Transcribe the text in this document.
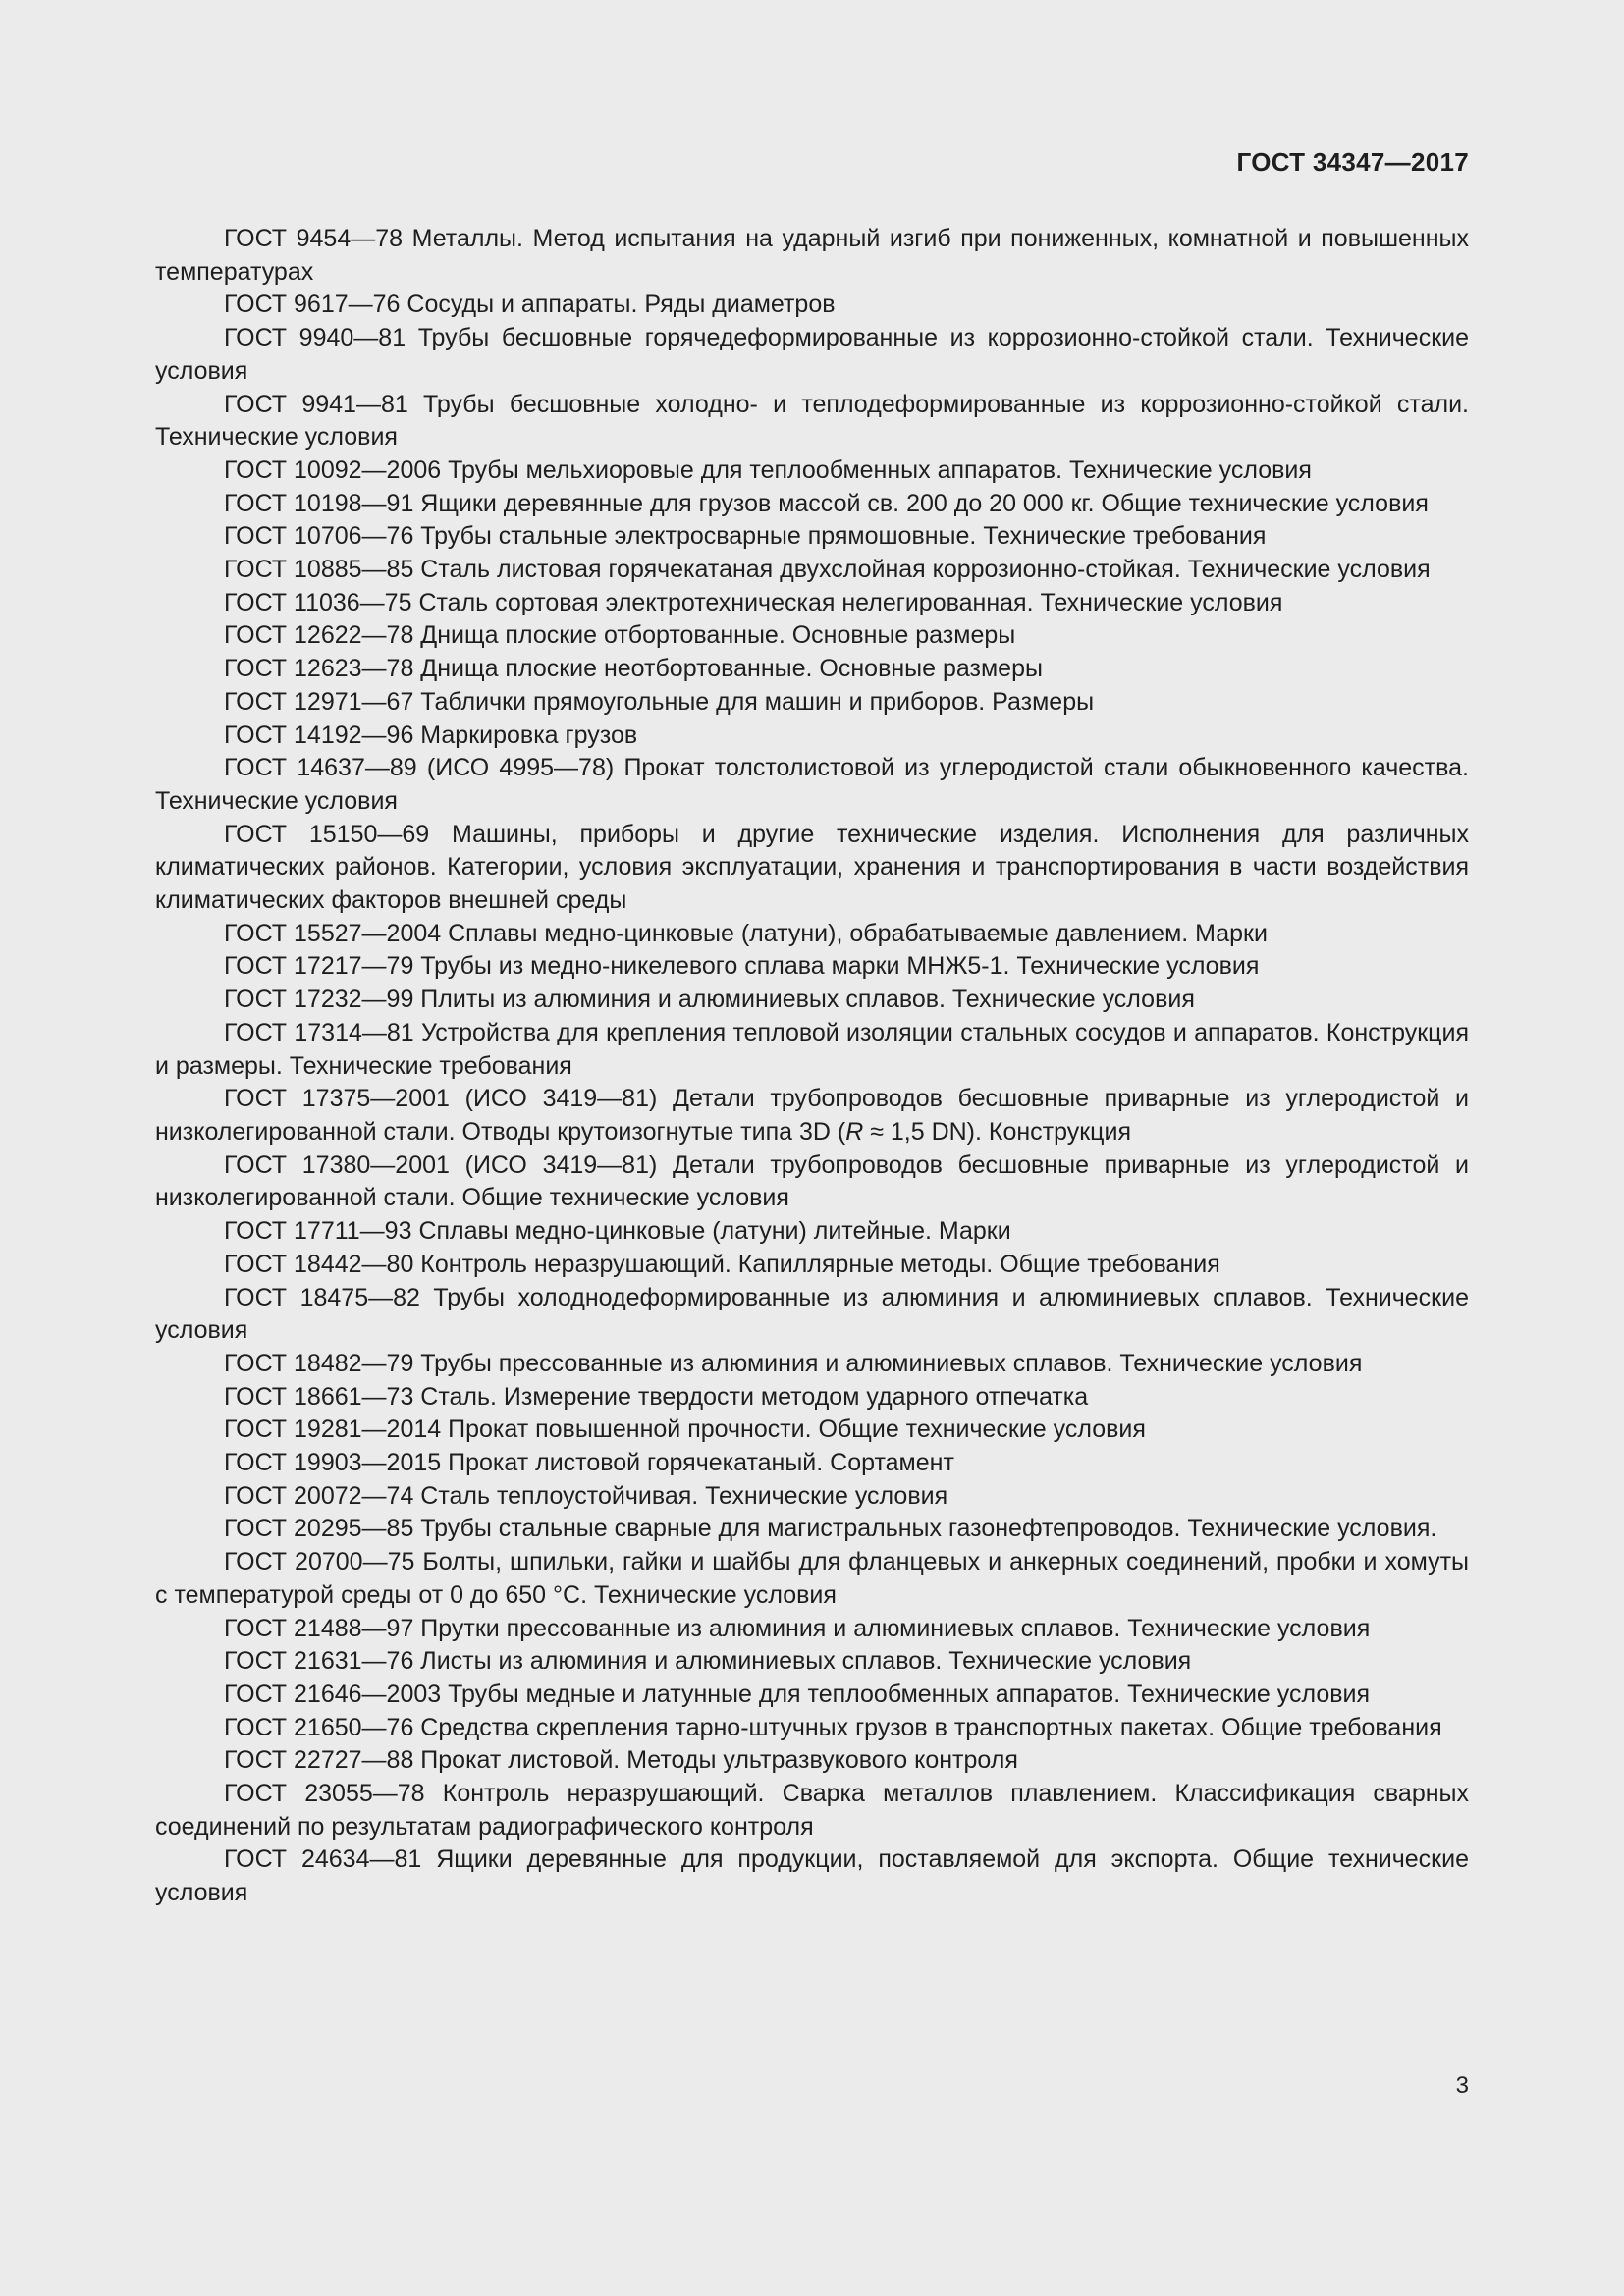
ГОСТ 34347—2017
ГОСТ 9454—78 Металлы. Метод испытания на ударный изгиб при пониженных, комнатной и повышенных температурах
ГОСТ 9617—76 Сосуды и аппараты. Ряды диаметров
ГОСТ 9940—81 Трубы бесшовные горячедеформированные из коррозионно-стойкой стали. Технические условия
ГОСТ 9941—81 Трубы бесшовные холодно- и теплодеформированные из коррозионно-стойкой стали. Технические условия
ГОСТ 10092—2006 Трубы мельхиоровые для теплообменных аппаратов. Технические условия
ГОСТ 10198—91 Ящики деревянные для грузов массой св. 200 до 20 000 кг. Общие технические условия
ГОСТ 10706—76 Трубы стальные электросварные прямошовные. Технические требования
ГОСТ 10885—85 Сталь листовая горячекатаная двухслойная коррозионно-стойкая. Технические условия
ГОСТ 11036—75 Сталь сортовая электротехническая нелегированная. Технические условия
ГОСТ 12622—78 Днища плоские отбортованные. Основные размеры
ГОСТ 12623—78 Днища плоские неотбортованные. Основные размеры
ГОСТ 12971—67 Таблички прямоугольные для машин и приборов. Размеры
ГОСТ 14192—96 Маркировка грузов
ГОСТ 14637—89 (ИСО 4995—78) Прокат толстолистовой из углеродистой стали обыкновенного качества. Технические условия
ГОСТ 15150—69 Машины, приборы и другие технические изделия. Исполнения для различных климатических районов. Категории, условия эксплуатации, хранения и транспортирования в части воздействия климатических факторов внешней среды
ГОСТ 15527—2004 Сплавы медно-цинковые (латуни), обрабатываемые давлением. Марки
ГОСТ 17217—79 Трубы из медно-никелевого сплава марки МНЖ5-1. Технические условия
ГОСТ 17232—99 Плиты из алюминия и алюминиевых сплавов. Технические условия
ГОСТ 17314—81 Устройства для крепления тепловой изоляции стальных сосудов и аппаратов. Конструкция и размеры. Технические требования
ГОСТ 17375—2001 (ИСО 3419—81) Детали трубопроводов бесшовные приварные из углеродистой и низколегированной стали. Отводы крутоизогнутые типа 3D (R ≈ 1,5 DN). Конструкция
ГОСТ 17380—2001 (ИСО 3419—81) Детали трубопроводов бесшовные приварные из углеродистой и низколегированной стали. Общие технические условия
ГОСТ 17711—93 Сплавы медно-цинковые (латуни) литейные. Марки
ГОСТ 18442—80 Контроль неразрушающий. Капиллярные методы. Общие требования
ГОСТ 18475—82 Трубы холоднодеформированные из алюминия и алюминиевых сплавов. Технические условия
ГОСТ 18482—79 Трубы прессованные из алюминия и алюминиевых сплавов. Технические условия
ГОСТ 18661—73 Сталь. Измерение твердости методом ударного отпечатка
ГОСТ 19281—2014 Прокат повышенной прочности. Общие технические условия
ГОСТ 19903—2015 Прокат листовой горячекатаный. Сортамент
ГОСТ 20072—74 Сталь теплоустойчивая. Технические условия
ГОСТ 20295—85 Трубы стальные сварные для магистральных газонефтепроводов. Технические условия.
ГОСТ 20700—75 Болты, шпильки, гайки и шайбы для фланцевых и анкерных соединений, пробки и хомуты с температурой среды от 0 до 650 °С. Технические условия
ГОСТ 21488—97 Прутки прессованные из алюминия и алюминиевых сплавов. Технические условия
ГОСТ 21631—76 Листы из алюминия и алюминиевых сплавов. Технические условия
ГОСТ 21646—2003 Трубы медные и латунные для теплообменных аппаратов. Технические условия
ГОСТ 21650—76 Средства скрепления тарно-штучных грузов в транспортных пакетах. Общие требования
ГОСТ 22727—88 Прокат листовой. Методы ультразвукового контроля
ГОСТ 23055—78 Контроль неразрушающий. Сварка металлов плавлением. Классификация сварных соединений по результатам радиографического контроля
ГОСТ 24634—81 Ящики деревянные для продукции, поставляемой для экспорта. Общие технические условия
3
